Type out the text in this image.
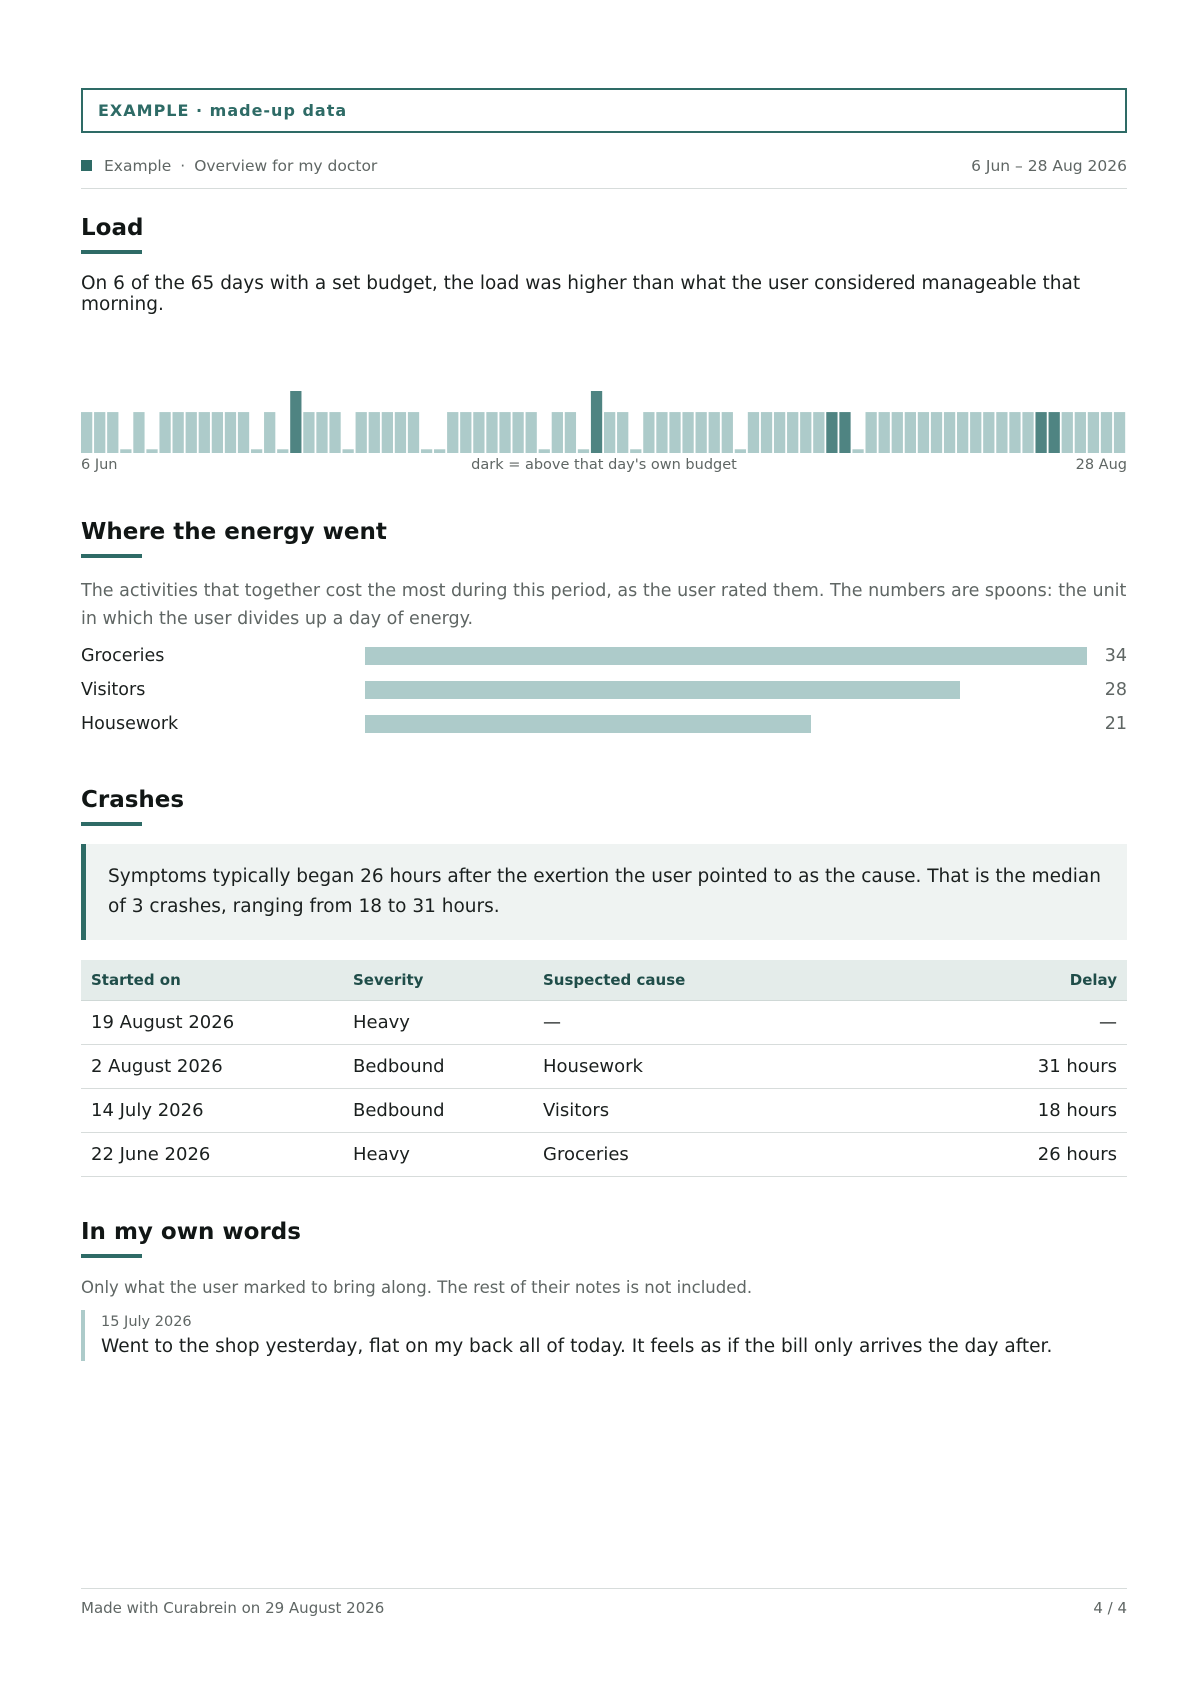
EXAMPLE · made-up data
Example · Overview for my doctor	6 Jun – 28 Aug 2026
Load

On 6 of the 65 days with a set budget, the load was higher than what the user considered manageable that morning.

6 Jun	dark = above that day's own budget	28 Aug
Where the energy went

The activities that together cost the most during this period, as the user rated them. The numbers are spoons: the unit in which the user divides up a day of energy.

Groceries	34
Visitors	28
Housework	21
Crashes
Symptoms typically began 26 hours after the exertion the user pointed to as the cause. That is the median of 3 crashes, ranging from 18 to 31 hours.
Started on	Severity	Suspected cause	Delay
19 August 2026	Heavy	—	—
2 August 2026	Bedbound	Housework	31 hours
14 July 2026	Bedbound	Visitors	18 hours
22 June 2026	Heavy	Groceries	26 hours
In my own words

Only what the user marked to bring along. The rest of their notes is not included.

15 July 2026
Went to the shop yesterday, flat on my back all of today. It feels as if the bill only arrives the day after.
Made with Curabrein on 29 August 2026	4 / 4
